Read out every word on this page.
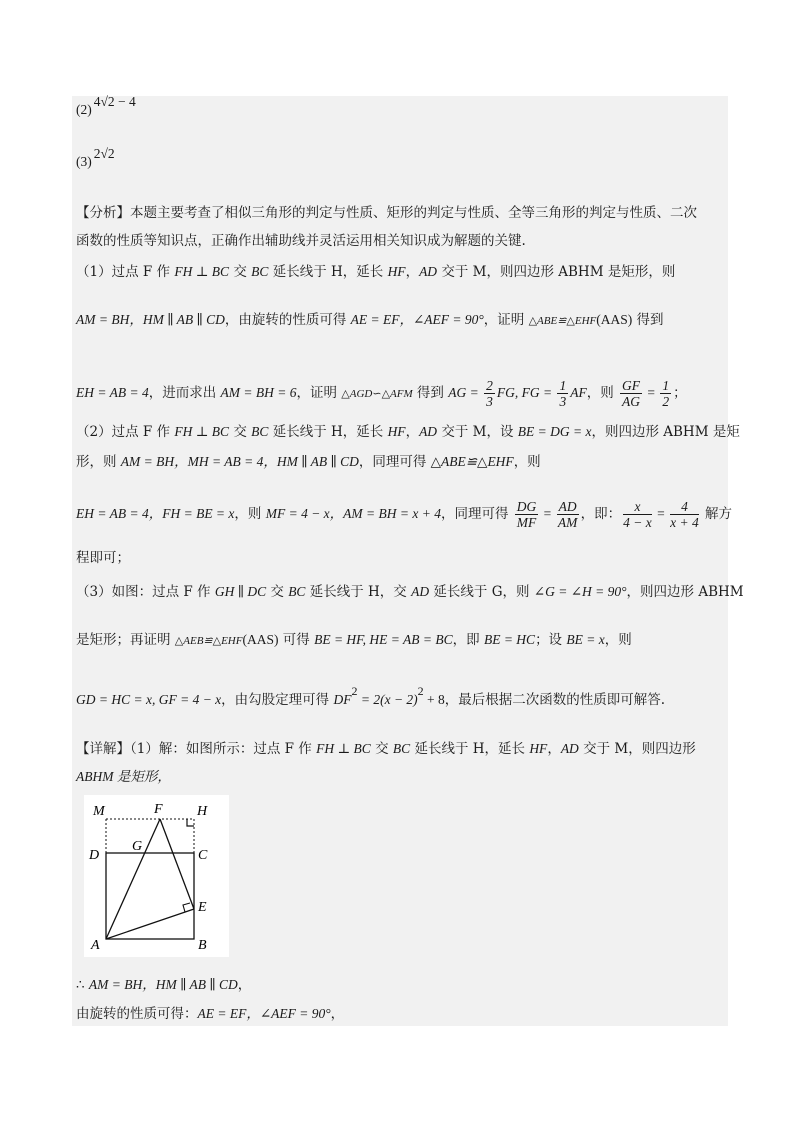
(2)4√2 − 4
(3)2√2
【分析】本题主要考查了相似三角形的判定与性质、矩形的判定与性质、全等三角形的判定与性质、二次
函数的性质等知识点，正确作出辅助线并灵活运用相关知识成为解题的关键.
（1）过点 F 作 FH ⊥ BC 交 BC 延长线于 H，延长 HF，AD 交于 M，则四边形 ABHM 是矩形，则
AM = BH，HM ∥ AB ∥ CD，由旋转的性质可得 AE = EF，∠AEF = 90°，证明 △ABE≌△EHF(AAS) 得到
EH = AB = 4，进而求出 AM = BH = 6，证明 △AGD∽△AFM 得到 AG = $\frac{2}{3}$ FG, FG = $\frac{1}{3}$ AF，则 $\frac{GF}{AG} = \frac{1}{2}$ ；
（2）过点 F 作 FH ⊥ BC 交 BC 延长线于 H，延长 HF，AD 交于 M，设 BE = DG = x，则四边形 ABHM 是矩
形，则 AM = BH，MH = AB = 4，HM ∥ AB ∥ CD，同理可得 △ABE≌△EHF，则
EH = AB = 4，FH = BE = x，则 MF = 4 − x，AM = BH = x + 4，同理可得 $\frac{DG}{MF} = \frac{AD}{AM}$ ，即： $\frac{x}{4 - x} = \frac{4}{x + 4}$ 解方
程即可；
（3）如图：过点 F 作 GH ∥ DC 交 BC 延长线于 H，交 AD 延长线于 G，则 ∠G = ∠H = 90°，则四边形 ABHM
是矩形；再证明 △AEB≌△EHF(AAS) 可得 BE = HF, HE = AB = BC，即 BE = HC；设 BE = x，则
GD = HC = x, GF = 4 − x，由勾股定理可得 DF2 = 2(x − 2)2 + 8，最后根据二次函数的性质即可解答.
【详解】（1）解：如图所示：过点 F 作 FH ⊥ BC 交 BC 延长线于 H，延长 HF，AD 交于 M，则四边形
ABHM 是矩形，
M	F H
G
D	C
E
A	B
∴ AM = BH，HM ∥ AB ∥ CD，
由旋转的性质可得：AE = EF，∠AEF = 90°，
